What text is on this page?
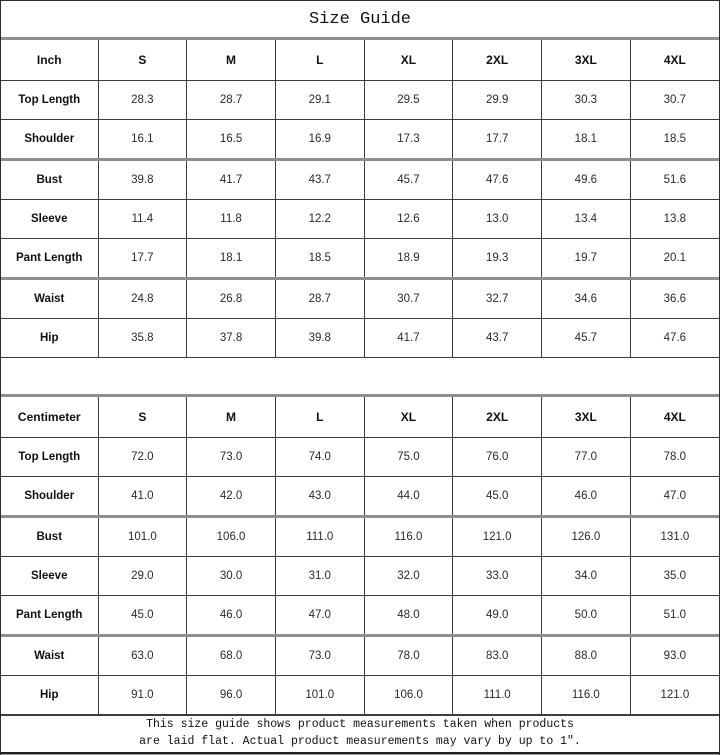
Size Guide
Inch	S	M	L	XL	2XL	3XL	4XL
Top Length	28.3	28.7	29.1	29.5	29.9	30.3	30.7
Shoulder	16.1	16.5	16.9	17.3	17.7	18.1	18.5
Bust	39.8	41.7	43.7	45.7	47.6	49.6	51.6
Sleeve	11.4	11.8	12.2	12.6	13.0	13.4	13.8
Pant Length	17.7	18.1	18.5	18.9	19.3	19.7	20.1
Waist	24.8	26.8	28.7	30.7	32.7	34.6	36.6
Hip	35.8	37.8	39.8	41.7	43.7	45.7	47.6
Centimeter	S	M	L	XL	2XL	3XL	4XL
Top Length	72.0	73.0	74.0	75.0	76.0	77.0	78.0
Shoulder	41.0	42.0	43.0	44.0	45.0	46.0	47.0
Bust	101.0	106.0	111.0	116.0	121.0	126.0	131.0
Sleeve	29.0	30.0	31.0	32.0	33.0	34.0	35.0
Pant Length	45.0	46.0	47.0	48.0	49.0	50.0	51.0
Waist	63.0	68.0	73.0	78.0	83.0	88.0	93.0
Hip	91.0	96.0	101.0	106.0	111.0	116.0	121.0
This size guide shows product measurements taken when products
are laid flat. Actual product measurements may vary by up to 1″.
